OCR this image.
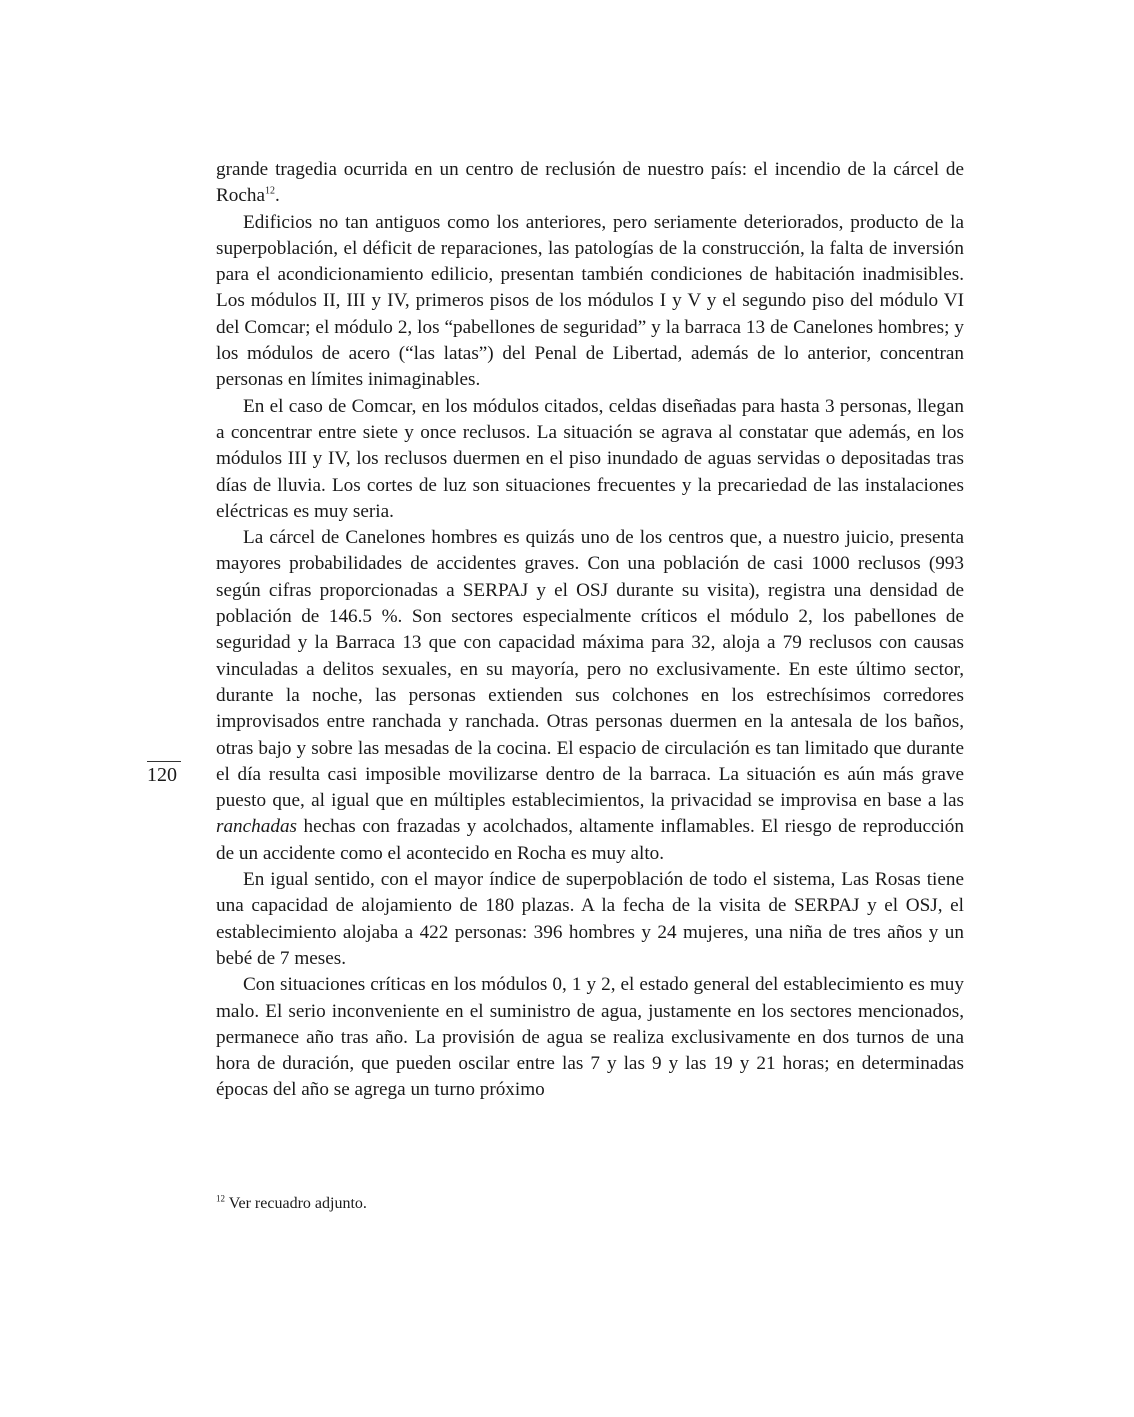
grande tragedia ocurrida en un centro de reclusión de nuestro país: el incendio de la cárcel de Rocha$^{12}$.

Edificios no tan antiguos como los anteriores, pero seriamente deteriorados, producto de la superpoblación, el déficit de reparaciones, las patologías de la construcción, la falta de inversión para el acondicionamiento edilicio, presentan también condiciones de habitación inadmisibles. Los módulos II, III y IV, primeros pisos de los módulos I y V y el segundo piso del módulo VI del Comcar; el módulo 2, los “pabellones de seguridad” y la barraca 13 de Canelones hombres; y los módulos de acero (“las latas”) del Penal de Libertad, además de lo anterior, concentran personas en límites inimaginables.

En el caso de Comcar, en los módulos citados, celdas diseñadas para hasta 3 personas, llegan a concentrar entre siete y once reclusos. La situación se agrava al constatar que además, en los módulos III y IV, los reclusos duermen en el piso inundado de aguas servidas o depositadas tras días de lluvia. Los cortes de luz son situaciones frecuentes y la precariedad de las instalaciones eléctricas es muy seria.

La cárcel de Canelones hombres es quizás uno de los centros que, a nuestro juicio, presenta mayores probabilidades de accidentes graves. Con una población de casi 1000 reclusos (993 según cifras proporcionadas a SERPAJ y el OSJ durante su visita), registra una densidad de población de 146.5 %. Son sectores especialmente críticos el módulo 2, los pabellones de seguridad y la Barraca 13 que con capacidad máxima para 32, aloja a 79 reclusos con causas vinculadas a delitos sexuales, en su mayoría, pero no exclusivamente. En este último sector, durante la noche, las personas extienden sus colchones en los estrechísimos corredores improvisados entre ranchada y ranchada. Otras personas duermen en la antesala de los baños, otras bajo y sobre las mesadas de la cocina. El espacio de circulación es tan limitado que durante el día resulta casi imposible movilizarse dentro de la barraca. La situación es aún más grave puesto que, al igual que en múltiples establecimientos, la privacidad se improvisa en base a las ranchadas hechas con frazadas y acolchados, altamente inflamables. El riesgo de reproducción de un accidente como el acontecido en Rocha es muy alto.

En igual sentido, con el mayor índice de superpoblación de todo el sistema, Las Rosas tiene una capacidad de alojamiento de 180 plazas. A la fecha de la visita de SERPAJ y el OSJ, el establecimiento alojaba a 422 personas: 396 hombres y 24 mujeres, una niña de tres años y un bebé de 7 meses.

Con situaciones críticas en los módulos 0, 1 y 2, el estado general del establecimiento es muy malo. El serio inconveniente en el suministro de agua, justamente en los sectores mencionados, permanece año tras año. La provisión de agua se realiza exclusivamente en dos turnos de una hora de duración, que pueden oscilar entre las 7 y las 9 y las 19 y 21 horas; en determinadas épocas del año se agrega un turno próximo

120
$^{12}$ Ver recuadro adjunto.
